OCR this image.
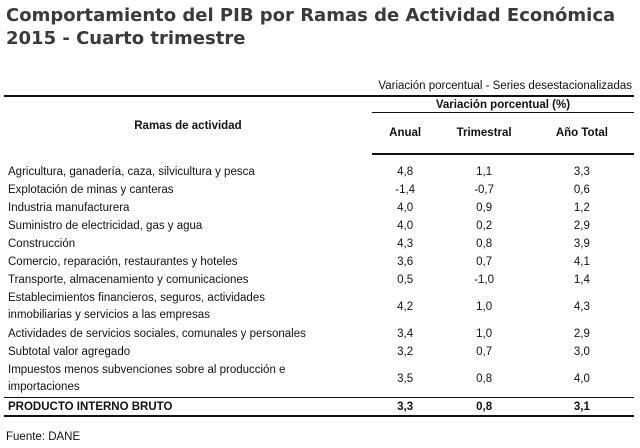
Comportamiento del PIB por Ramas de Actividad Económica
2015 - Cuarto trimestre
Variación porcentual - Series desestacionalizadas
Ramas de actividad	Variación porcentual (%)		
	Anual	Trimestral	Año Total

Agricultura, ganadería, caza, silvicultura y pesca	4,8	1,1	3,3
Explotación de minas y canteras	-1,4	-0,7	0,6
Industria manufacturera	4,0	0,9	1,2
Suministro de electricidad, gas y agua	4,0	0,2	2,9
Construcción	4,3	0,8	3,9
Comercio, reparación, restaurantes y hoteles	3,6	0,7	4,1
Transporte, almacenamiento y comunicaciones	0,5	-1,0	1,4

Establecimientos financieros, seguros, actividades
inmobiliarias y servicios a las empresas	4,2	1,0	4,3
Actividades de servicios sociales, comunales y personales	3,4	1,0	2,9
Subtotal valor agregado	3,2	0,7	3,0

Impuestos menos subvenciones sobre al producción e
importaciones	3,5	0,8	4,0
PRODUCTO INTERNO BRUTO	3,3	0,8	3,1
Fuente: DANE
